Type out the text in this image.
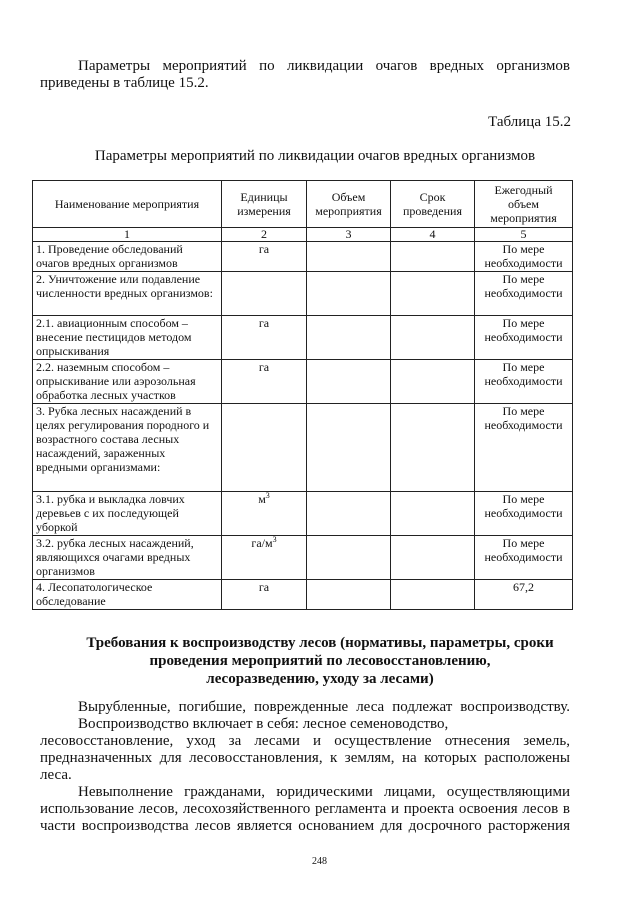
Параметры мероприятий по ликвидации очагов вредных организмов
приведены в таблице 15.2.
Таблица 15.2
Параметры мероприятий по ликвидации очагов вредных организмов
Наименование мероприятия	Единицы измерения	Объем мероприятия	Срок проведения	Ежегодный объем мероприятия
1	2	3	4	5
1. Проведение обследований очагов вредных организмов	га			По мере необходимости
2. Уничтожение или подавление численности вредных организмов:				По мере необходимости
2.1. авиационным способом – внесение пестицидов методом опрыскивания	га			По мере необходимости
2.2. наземным способом – опрыскивание или аэрозольная обработка лесных участков	га			По мере необходимости
3. Рубка лесных насаждений в целях регулирования породного и возрастного состава лесных насаждений, зараженных вредными организмами:				По мере необходимости
3.1. рубка и выкладка ловчих деревьев с их последующей уборкой	$м^3$			По мере необходимости
3.2. рубка лесных насаждений, являющихся очагами вредных организмов	$га/м^3$			По мере необходимости
4. Лесопатологическое обследование	га			67,2
Требования к воспроизводству лесов (нормативы, параметры, сроки
проведения мероприятий по лесовосстановлению,
лесоразведению, уходу за лесами)
Вырубленные, погибшие, поврежденные леса подлежат воспроизводству.
Воспроизводство включает в себя: лесное семеноводство,
лесовосстановление, уход за лесами и осуществление отнесения земель,
предназначенных для лесовосстановления, к землям, на которых расположены
леса.
Невыполнение гражданами, юридическими лицами, осуществляющими
использование лесов, лесохозяйственного регламента и проекта освоения лесов в
части воспроизводства лесов является основанием для досрочного расторжения
248
